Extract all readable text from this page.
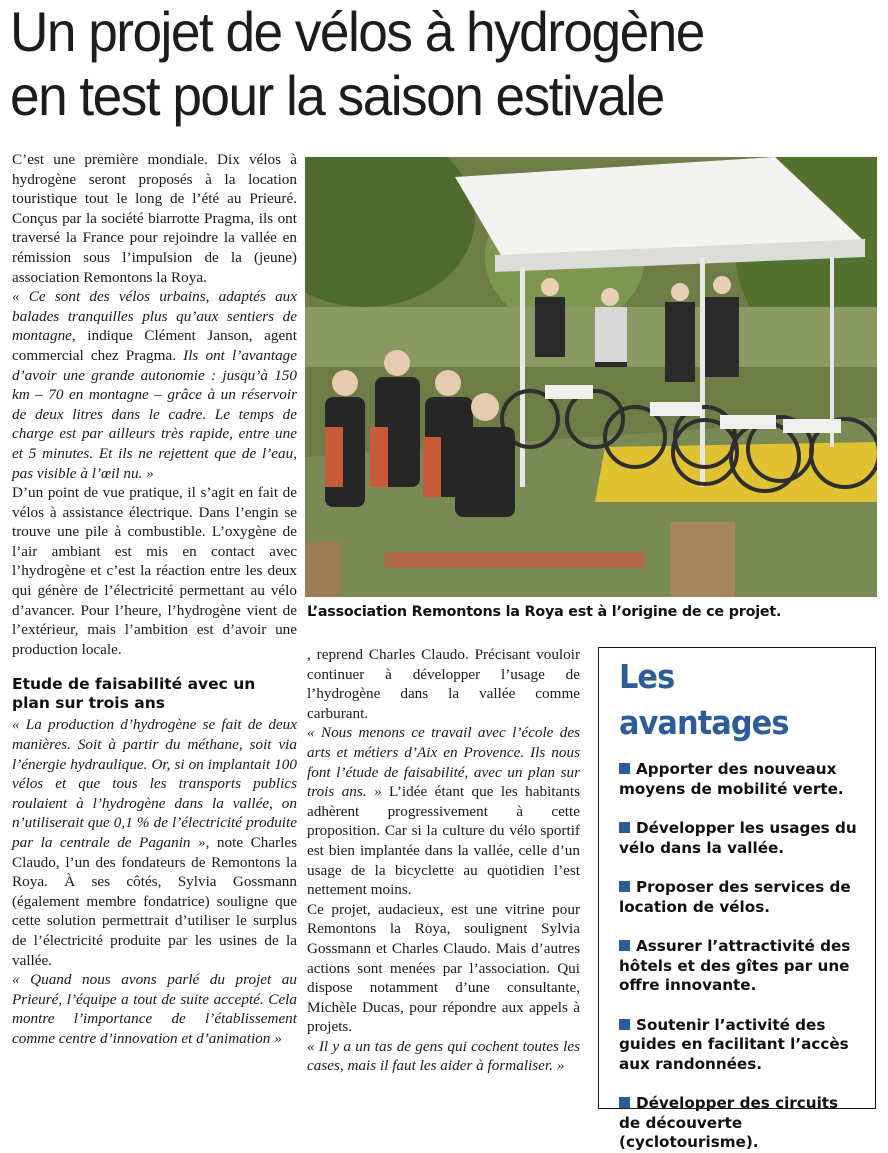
Un projet de vélos à hydrogène
en test pour la saison estivale

C’est une première mondiale. Dix vélos à hydrogène seront proposés à la location touristique tout le long de l’été au Prieuré. Conçus par la société biarrotte Pragma, ils ont traversé la France pour rejoindre la vallée en rémission sous l’impulsion de la (jeune) association Remontons la Roya.

« Ce sont des vélos urbains, adaptés aux balades tranquilles plus qu’aux sentiers de montagne, indique Clément Janson, agent commercial chez Pragma. Ils ont l’avantage d’avoir une grande autonomie : jusqu’à 150 km – 70 en montagne – grâce à un réservoir de deux litres dans le cadre. Le temps de charge est par ailleurs très rapide, entre une et 5 minutes. Et ils ne rejettent que de l’eau, pas visible à l’œil nu. »

D’un point de vue pratique, il s’agit en fait de vélos à assistance électrique. Dans l’engin se trouve une pile à combustible. L’oxygène de l’air ambiant est mis en contact avec l’hydrogène et c’est la réaction entre les deux qui génère de l’électricité permettant au vélo d’avancer. Pour l’heure, l’hydrogène vient de l’extérieur, mais l’ambition est d’avoir une production locale.

Etude de faisabilité avec un plan sur trois ans

« La production d’hydrogène se fait de deux manières. Soit à partir du méthane, soit via l’énergie hydraulique. Or, si on implantait 100 vélos et que tous les transports publics roulaient à l’hydrogène dans la vallée, on n’utiliserait que 0,1 % de l’électricité produite par la centrale de Paganin », note Charles Claudo, l’un des fondateurs de Remontons la Roya. À ses côtés, Sylvia Gossmann (également membre fondatrice) souligne que cette solution permettrait d’utiliser le surplus de l’électricité produite par les usines de la vallée.

« Quand nous avons parlé du projet au Prieuré, l’équipe a tout de suite accepté. Cela montre l’importance de l’établissement comme centre d’innovation et d’animation »

, reprend Charles Claudo. Précisant vouloir continuer à développer l’usage de l’hydrogène dans la vallée comme carburant.

« Nous menons ce travail avec l’école des arts et métiers d’Aix en Provence. Ils nous font l’étude de faisabilité, avec un plan sur trois ans. » L’idée étant que les habitants adhèrent progressivement à cette proposition. Car si la culture du vélo sportif est bien implantée dans la vallée, celle d’un usage de la bicyclette au quotidien l’est nettement moins.

Ce projet, audacieux, est une vitrine pour Remontons la Roya, soulignent Sylvia Gossmann et Charles Claudo. Mais d’autres actions sont menées par l’association. Qui dispose notamment d’une consultante, Michèle Ducas, pour répondre aux appels à projets.

« Il y a un tas de gens qui cochent toutes les cases, mais il faut les aider à formaliser. »

L’association Remontons la Roya est à l’origine de ce projet.
Les avantages
Apporter des nouveaux moyens de mobilité verte.
Développer les usages du vélo dans la vallée.
Proposer des services de location de vélos.
Assurer l’attractivité des hôtels et des gîtes par une offre innovante.
Soutenir l’activité des guides en facilitant l’accès aux randonnées.
Développer des circuits de découverte (cyclotourisme).
